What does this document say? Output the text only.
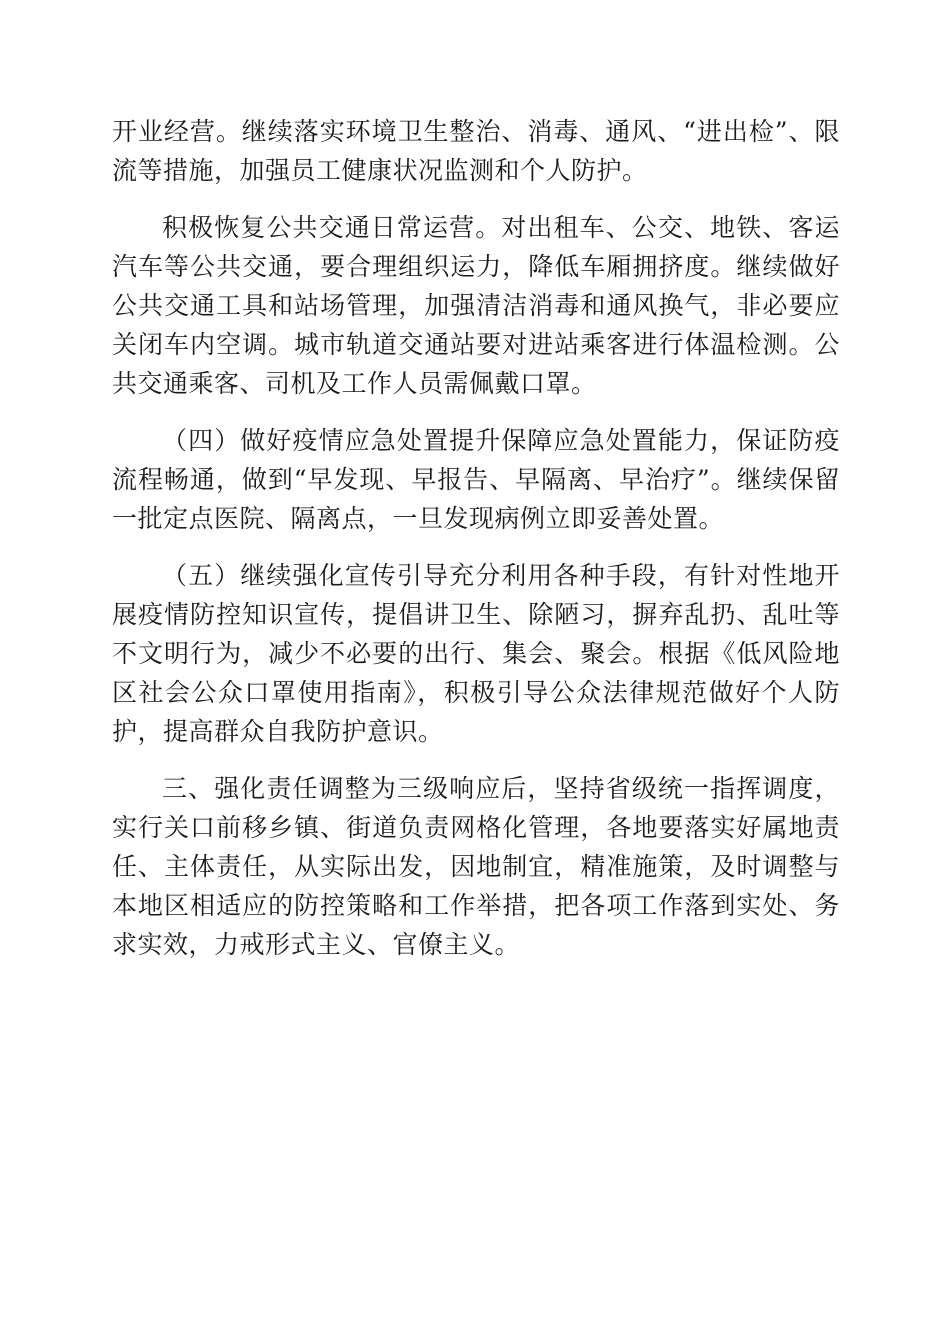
开业经营。继续落实环境卫生整治、消毒、通风、“进出检”、限流等措施，加强员工健康状况监测和个人防护。

积极恢复公共交通日常运营。对出租车、公交、地铁、客运汽车等公共交通，要合理组织运力，降低车厢拥挤度。继续做好公共交通工具和站场管理，加强清洁消毒和通风换气，非必要应关闭车内空调。城市轨道交通站要对进站乘客进行体温检测。公共交通乘客、司机及工作人员需佩戴口罩。

（四）做好疫情应急处置提升保障应急处置能力，保证防疫流程畅通，做到“早发现、早报告、早隔离、早治疗”。继续保留一批定点医院、隔离点，一旦发现病例立即妥善处置。

（五）继续强化宣传引导充分利用各种手段，有针对性地开展疫情防控知识宣传，提倡讲卫生、除陋习，摒弃乱扔、乱吐等不文明行为，减少不必要的出行、集会、聚会。根据《低风险地区社会公众口罩使用指南》，积极引导公众法律规范做好个人防护，提高群众自我防护意识。

三、强化责任调整为三级响应后，坚持省级统一指挥调度，实行关口前移乡镇、街道负责网格化管理，各地要落实好属地责任、主体责任，从实际出发，因地制宜，精准施策，及时调整与本地区相适应的防控策略和工作举措，把各项工作落到实处、务求实效，力戒形式主义、官僚主义。
